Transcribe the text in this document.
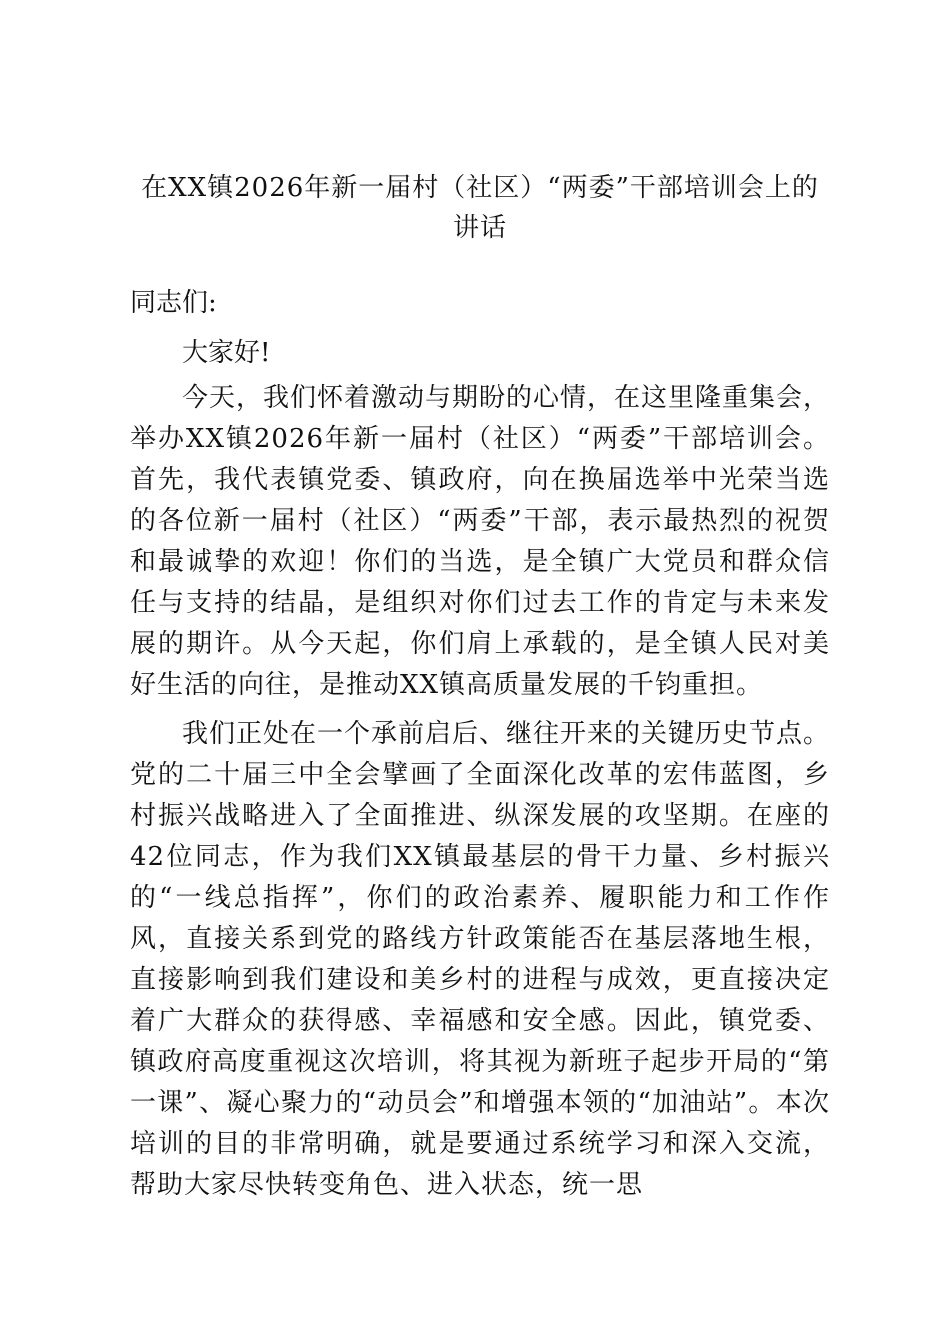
在XX镇2026年新一届村（社区）“两委”干部培训会上的讲话

同志们:

大家好!

今天，我们怀着激动与期盼的心情，在这里隆重集会，举办XX镇2026年新一届村（社区）“两委”干部培训会。首先，我代表镇党委、镇政府，向在换届选举中光荣当选的各位新一届村（社区）“两委”干部，表示最热烈的祝贺和最诚挚的欢迎！你们的当选，是全镇广大党员和群众信任与支持的结晶，是组织对你们过去工作的肯定与未来发展的期许。从今天起，你们肩上承载的，是全镇人民对美好生活的向往，是推动XX镇高质量发展的千钧重担。

我们正处在一个承前启后、继往开来的关键历史节点。党的二十届三中全会擘画了全面深化改革的宏伟蓝图，乡村振兴战略进入了全面推进、纵深发展的攻坚期。在座的42位同志，作为我们XX镇最基层的骨干力量、乡村振兴的“一线总指挥”，你们的政治素养、履职能力和工作作风，直接关系到党的路线方针政策能否在基层落地生根，直接影响到我们建设和美乡村的进程与成效，更直接决定着广大群众的获得感、幸福感和安全感。因此，镇党委、镇政府高度重视这次培训，将其视为新班子起步开局的“第一课”、凝心聚力的“动员会”和增强本领的“加油站”。本次培训的目的非常明确，就是要通过系统学习和深入交流，帮助大家尽快转变角色、进入状态，统一思
